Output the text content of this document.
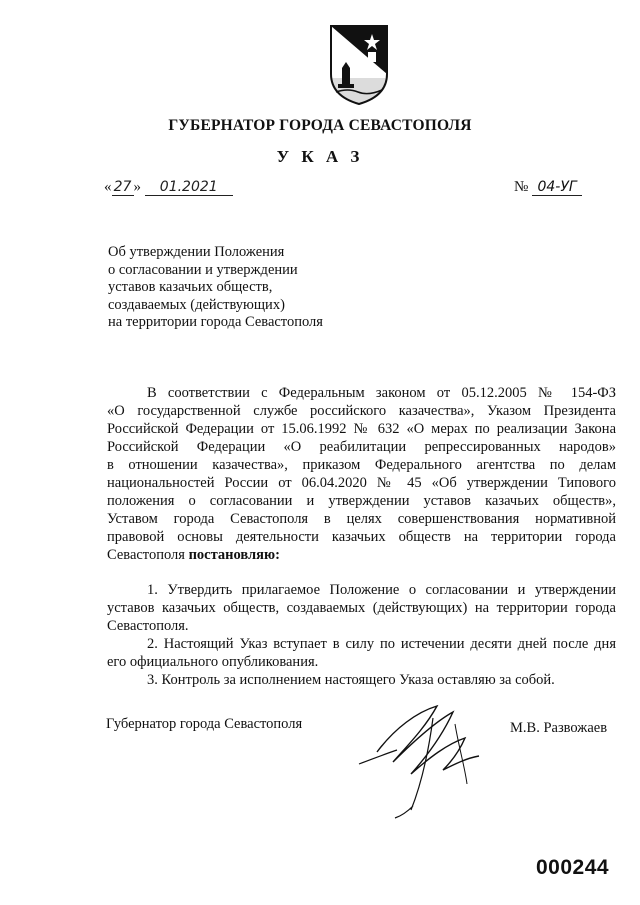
ГУБЕРНАТОР ГОРОДА СЕВАСТОПОЛЯ
У К А З
« 27 » 01.2021	№ 04-УГ
Об утверждении Положения
о согласовании и утверждении
уставов казачьих обществ,
создаваемых (действующих)
на территории города Севастополя
В соответствии с Федеральным законом от 05.12.2005 № 154-ФЗ
«О государственной службе российского казачества», Указом Президента
Российской Федерации от 15.06.1992 № 632 «О мерах по реализации Закона
Российской Федерации «О реабилитации репрессированных народов»
в отношении казачества», приказом Федерального агентства по делам
национальностей России от 06.04.2020 № 45 «Об утверждении Типового
положения о согласовании и утверждении уставов казачьих обществ»,
Уставом города Севастополя в целях совершенствования нормативной
правовой основы деятельности казачьих обществ на территории города
Севастополя постановляю:
1. Утвердить прилагаемое Положение о согласовании и утверждении
уставов казачьих обществ, создаваемых (действующих) на территории города
Севастополя.
2. Настоящий Указ вступает в силу по истечении десяти дней после дня
его официального опубликования.
3. Контроль за исполнением настоящего Указа оставляю за собой.
Губернатор города Севастополя	М.В. Развожаев
000244
